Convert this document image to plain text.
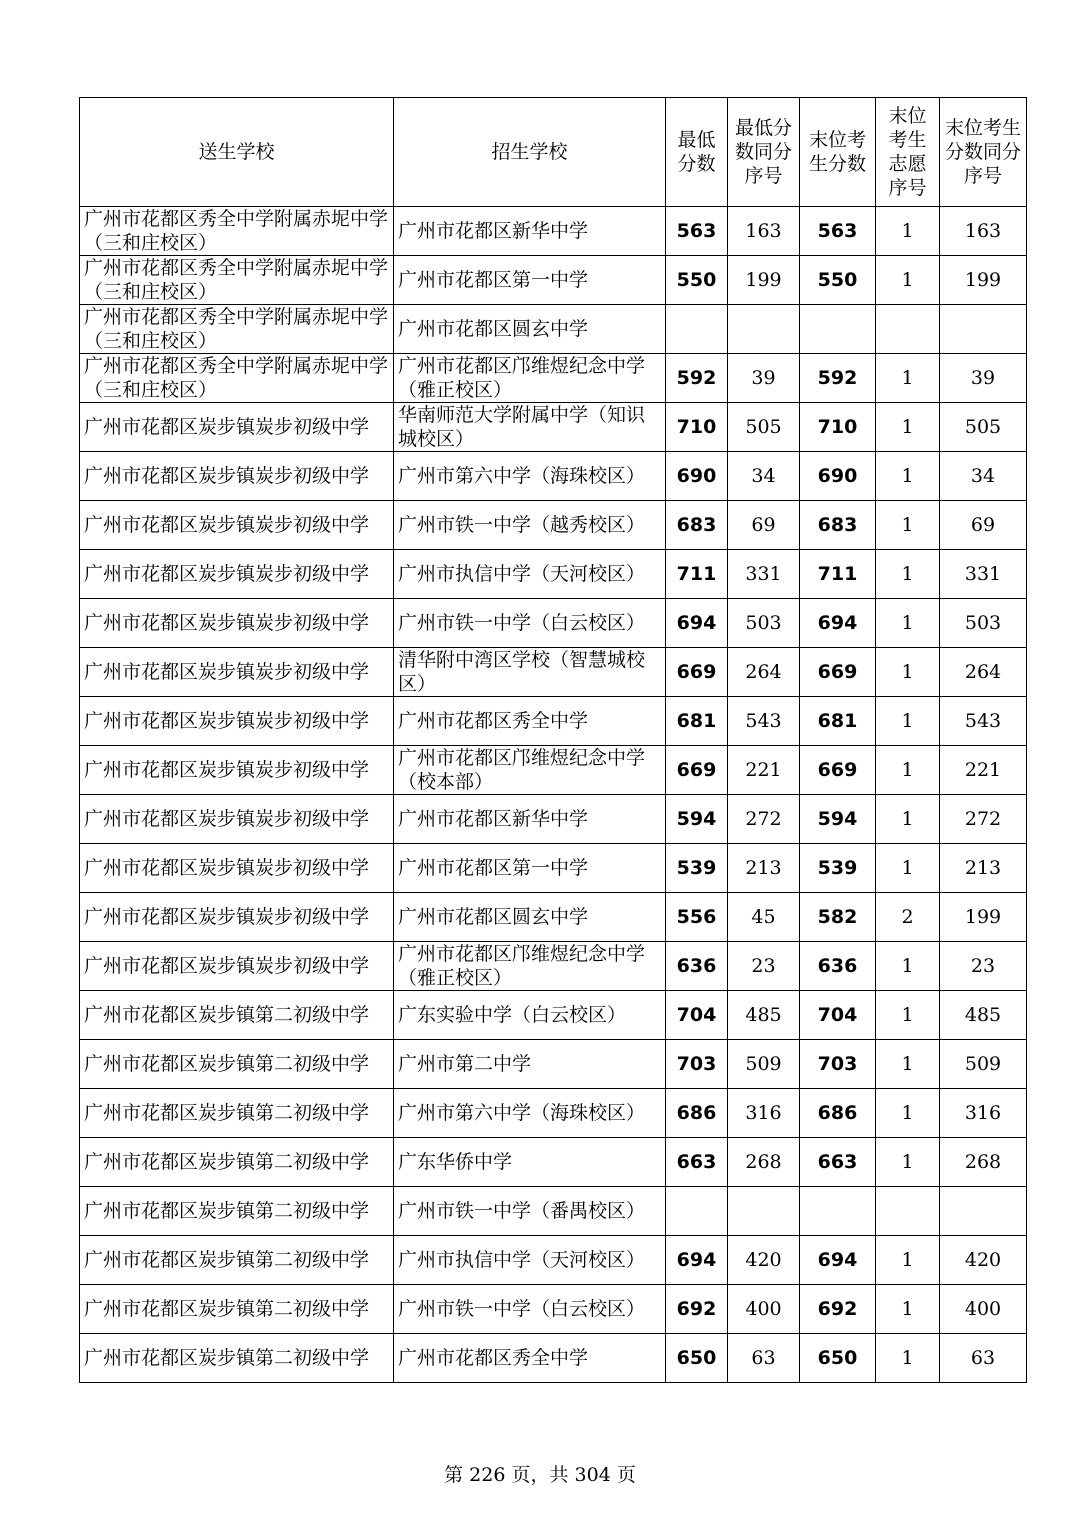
送生学校	招生学校	最低分数	最低分数同分序号	末位考生分数	末位考生志愿序号	末位考生分数同分序号
广州市花都区秀全中学附属赤坭中学（三和庄校区）	广州市花都区新华中学	563	163	563	1	163
广州市花都区秀全中学附属赤坭中学（三和庄校区）	广州市花都区第一中学	550	199	550	1	199
广州市花都区秀全中学附属赤坭中学（三和庄校区）	广州市花都区圆玄中学					
广州市花都区秀全中学附属赤坭中学（三和庄校区）	广州市花都区邝维煜纪念中学（雅正校区）	592	39	592	1	39
广州市花都区炭步镇炭步初级中学	华南师范大学附属中学（知识城校区）	710	505	710	1	505
广州市花都区炭步镇炭步初级中学	广州市第六中学（海珠校区）	690	34	690	1	34
广州市花都区炭步镇炭步初级中学	广州市铁一中学（越秀校区）	683	69	683	1	69
广州市花都区炭步镇炭步初级中学	广州市执信中学（天河校区）	711	331	711	1	331
广州市花都区炭步镇炭步初级中学	广州市铁一中学（白云校区）	694	503	694	1	503
广州市花都区炭步镇炭步初级中学	清华附中湾区学校（智慧城校区）	669	264	669	1	264
广州市花都区炭步镇炭步初级中学	广州市花都区秀全中学	681	543	681	1	543
广州市花都区炭步镇炭步初级中学	广州市花都区邝维煜纪念中学（校本部）	669	221	669	1	221
广州市花都区炭步镇炭步初级中学	广州市花都区新华中学	594	272	594	1	272
广州市花都区炭步镇炭步初级中学	广州市花都区第一中学	539	213	539	1	213
广州市花都区炭步镇炭步初级中学	广州市花都区圆玄中学	556	45	582	2	199
广州市花都区炭步镇炭步初级中学	广州市花都区邝维煜纪念中学（雅正校区）	636	23	636	1	23
广州市花都区炭步镇第二初级中学	广东实验中学（白云校区）	704	485	704	1	485
广州市花都区炭步镇第二初级中学	广州市第二中学	703	509	703	1	509
广州市花都区炭步镇第二初级中学	广州市第六中学（海珠校区）	686	316	686	1	316
广州市花都区炭步镇第二初级中学	广东华侨中学	663	268	663	1	268
广州市花都区炭步镇第二初级中学	广州市铁一中学（番禺校区）					
广州市花都区炭步镇第二初级中学	广州市执信中学（天河校区）	694	420	694	1	420
广州市花都区炭步镇第二初级中学	广州市铁一中学（白云校区）	692	400	692	1	400
广州市花都区炭步镇第二初级中学	广州市花都区秀全中学	650	63	650	1	63
第 226 页，共 304 页
